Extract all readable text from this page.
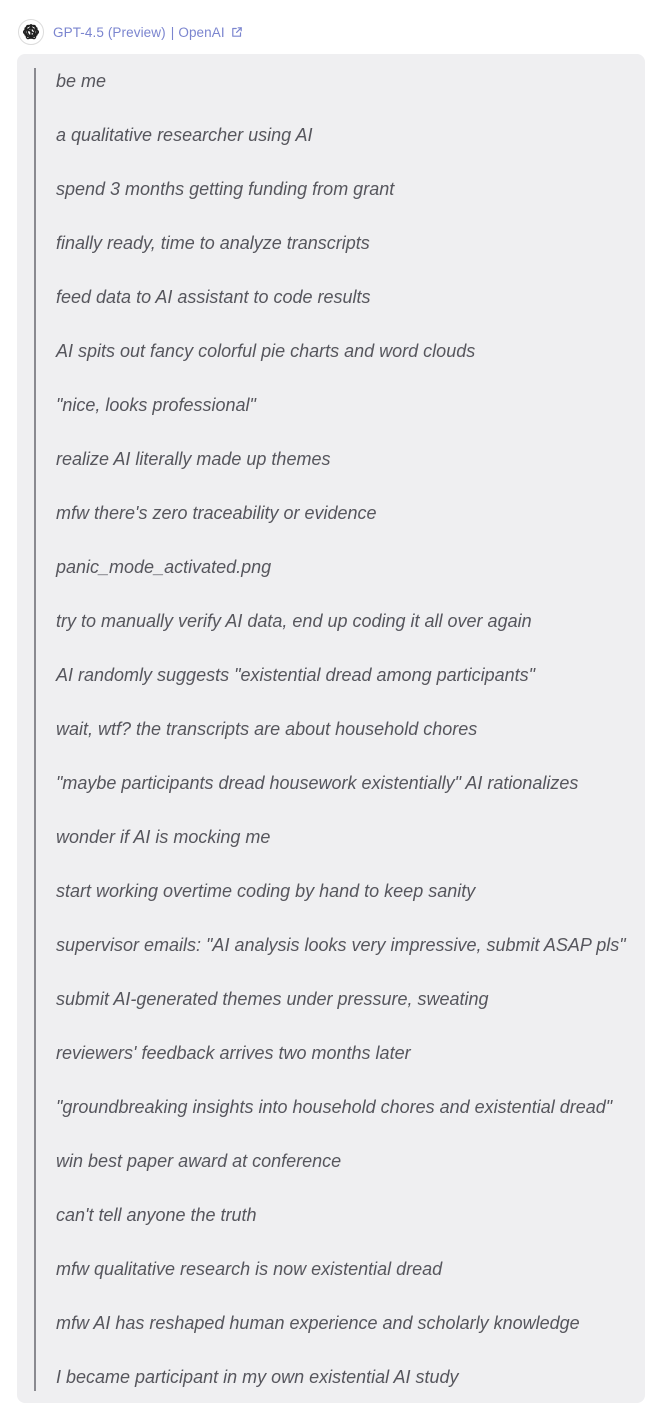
GPT-4.5 (Preview) | OpenAI
be me
a qualitative researcher using AI
spend 3 months getting funding from grant
finally ready, time to analyze transcripts
feed data to AI assistant to code results
AI spits out fancy colorful pie charts and word clouds
"nice, looks professional"
realize AI literally made up themes
mfw there's zero traceability or evidence
panic_mode_activated.png
try to manually verify AI data, end up coding it all over again
AI randomly suggests "existential dread among participants"
wait, wtf? the transcripts are about household chores
"maybe participants dread housework existentially" AI rationalizes
wonder if AI is mocking me
start working overtime coding by hand to keep sanity
supervisor emails: "AI analysis looks very impressive, submit ASAP pls"
submit AI-generated themes under pressure, sweating
reviewers' feedback arrives two months later
"groundbreaking insights into household chores and existential dread"
win best paper award at conference
can't tell anyone the truth
mfw qualitative research is now existential dread
mfw AI has reshaped human experience and scholarly knowledge
I became participant in my own existential AI study
